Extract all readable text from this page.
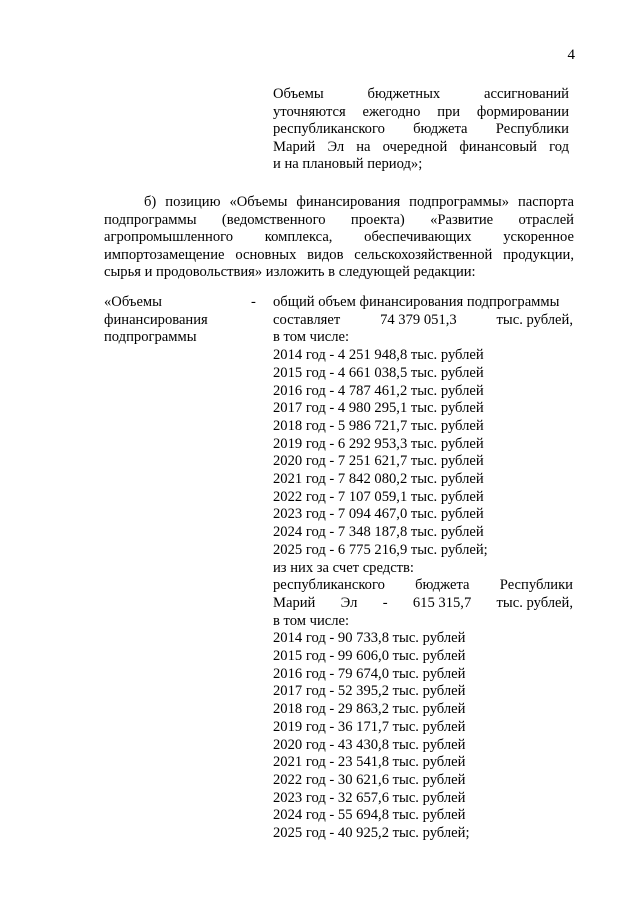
4
Объемы бюджетных ассигнований
уточняются ежегодно при формировании
республиканского бюджета Республики
Марий Эл на очередной финансовый год
и на плановый период»;
б) позицию «Объемы финансирования подпрограммы» паспорта
подпрограммы (ведомственного проекта) «Развитие отраслей
агропромышленного комплекса, обеспечивающих ускоренное
импортозамещение основных видов сельскохозяйственной продукции,
сырья и продовольствия» изложить в следующей редакции:
«Объемы
финансирования
подпрограммы
- общий объем финансирования подпрограммы
составляет	74 379 051,3	тыс. рублей,
в том числе:
2014 год - 4 251 948,8 тыс. рублей
2015 год - 4 661 038,5 тыс. рублей
2016 год - 4 787 461,2 тыс. рублей
2017 год - 4 980 295,1 тыс. рублей
2018 год - 5 986 721,7 тыс. рублей
2019 год - 6 292 953,3 тыс. рублей
2020 год - 7 251 621,7 тыс. рублей
2021 год - 7 842 080,2 тыс. рублей
2022 год - 7 107 059,1 тыс. рублей
2023 год - 7 094 467,0 тыс. рублей
2024 год - 7 348 187,8 тыс. рублей
2025 год - 6 775 216,9 тыс. рублей;
из них за счет средств:
республиканского бюджета Республики
Марий Эл - 615 315,7 тыс. рублей,
в том числе:
2014 год - 90 733,8 тыс. рублей
2015 год - 99 606,0 тыс. рублей
2016 год - 79 674,0 тыс. рублей
2017 год - 52 395,2 тыс. рублей
2018 год - 29 863,2 тыс. рублей
2019 год - 36 171,7 тыс. рублей
2020 год - 43 430,8 тыс. рублей
2021 год - 23 541,8 тыс. рублей
2022 год - 30 621,6 тыс. рублей
2023 год - 32 657,6 тыс. рублей
2024 год - 55 694,8 тыс. рублей
2025 год - 40 925,2 тыс. рублей;
